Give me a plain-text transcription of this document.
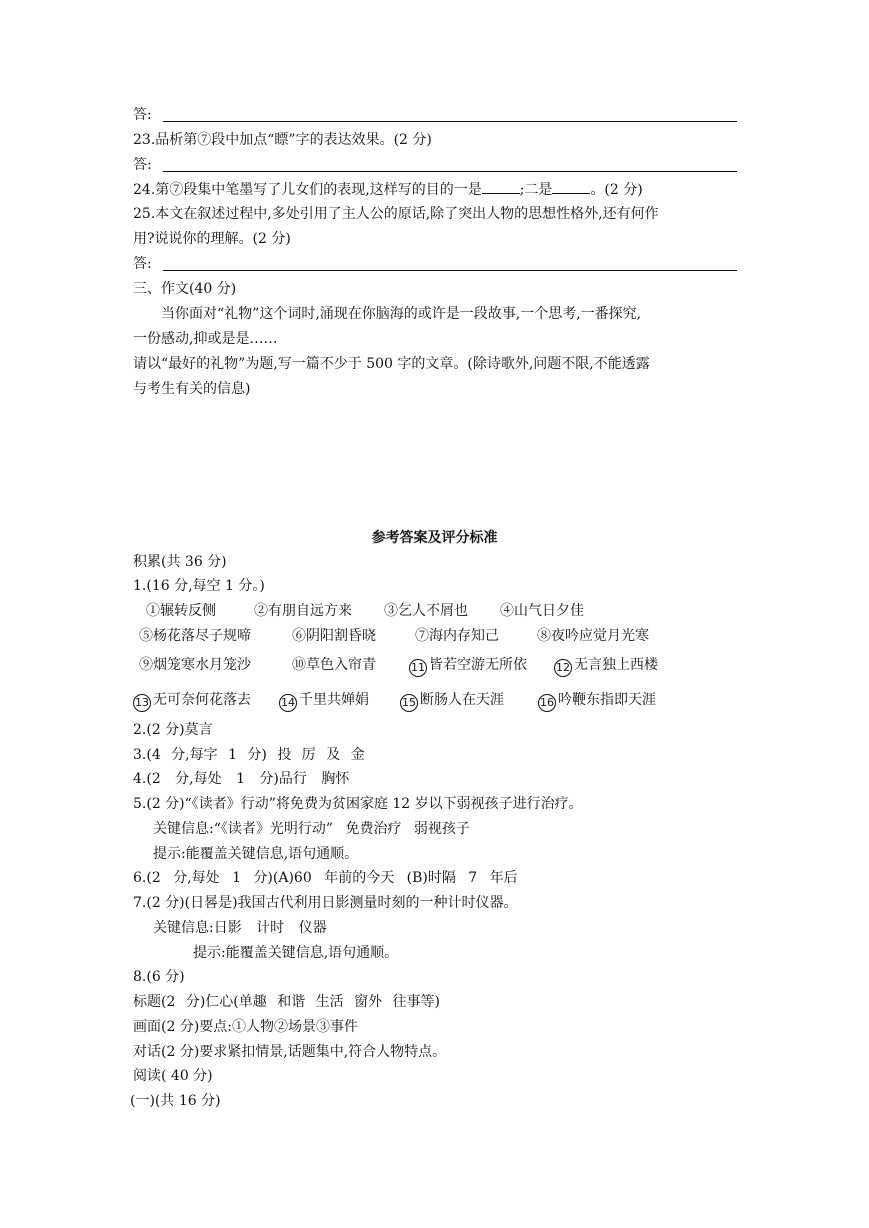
答:
23.品析第⑦段中加点“瞟”字的表达效果。(2 分)
答:
24.第⑦段集中笔墨写了儿女们的表现,这样写的目的一是	;二是	。(2 分)
25.本文在叙述过程中,多处引用了主人公的原话,除了突出人物的思想性格外,还有何作
用?说说你的理解。(2 分)
答:
三、作文(40 分)
当你面对“礼物”这个词时,涌现在你脑海的或许是一段故事,一个思考,一番探究,
一份感动,抑或是是……
请以“最好的礼物”为题,写一篇不少于 500 字的文章。(除诗歌外,问题不限,不能透露
与考生有关的信息)
参考答案及评分标准
积累(共 36 分)
1.(16 分,每空 1 分。)
①辗转反侧	②有朋自远方来 ③乞人不屑也 ④山气日夕佳
⑤杨花落尽子规啼	⑥阴阳割昏晓	⑦海内存知己	⑧夜吟应觉月光寒
⑨烟笼寒水月笼沙	⑩草色入帘青	11 皆若空游无所依	12 无言独上西楼
13 无可奈何花落去	14 千里共婵娟	15 断肠人在天涯	16 吟鞭东指即天涯
2.(2 分)莫言
3.(4 分,每字 1 分) 投 厉 及 金
4.(2 分,每处 1 分)品行 胸怀
5.(2 分)“《读者》行动”将免费为贫困家庭 12 岁以下弱视孩子进行治疗。
关键信息:“《读者》光明行动” 免费治疗 弱视孩子
提示:能覆盖关键信息,语句通顺。
6.(2 分,每处 1 分)(A)60 年前的今天 (B)时隔 7 年后
7.(2 分)(日晷是)我国古代利用日影测量时刻的一种计时仪器。
关键信息:日影 计时 仪器
提示:能覆盖关键信息,语句通顺。
8.(6 分)
标题(2 分)仁心(单趣 和谐 生活 窗外 往事等)
画面(2 分)要点:①人物②场景③事件
对话(2 分)要求紧扣情景,话题集中,符合人物特点。
阅读( 40 分)
(一)(共 16 分)
